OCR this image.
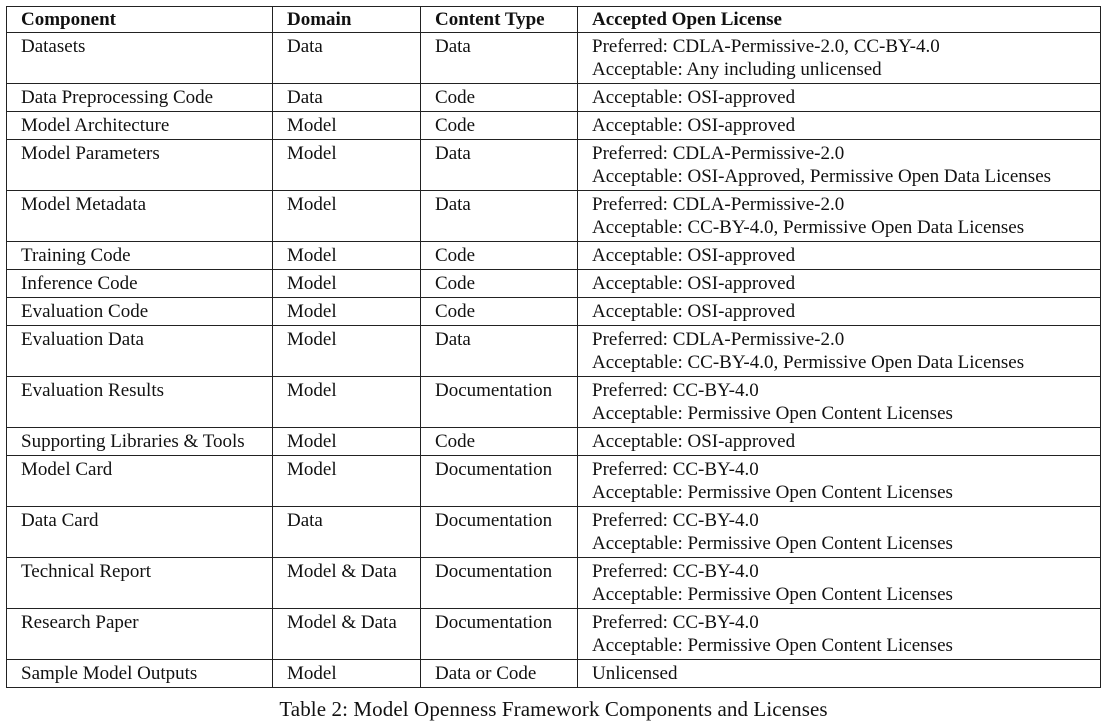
Component	Domain	Content Type	Accepted Open License
Datasets	Data	Data	Preferred: CDLA-Permissive-2.0, CC-BY-4.0
Acceptable: Any including unlicensed

Data Preprocessing Code	Data	Code	Acceptable: OSI-approved

Model Architecture	Model	Code	Acceptable: OSI-approved

Model Parameters	Model	Data	Preferred: CDLA-Permissive-2.0
Acceptable: OSI-Approved, Permissive Open Data Licenses

Model Metadata	Model	Data	Preferred: CDLA-Permissive-2.0
Acceptable: CC-BY-4.0, Permissive Open Data Licenses

Training Code	Model	Code	Acceptable: OSI-approved

Inference Code	Model	Code	Acceptable: OSI-approved

Evaluation Code	Model	Code	Acceptable: OSI-approved

Evaluation Data	Model	Data	Preferred: CDLA-Permissive-2.0
Acceptable: CC-BY-4.0, Permissive Open Data Licenses

Evaluation Results	Model	Documentation	Preferred: CC-BY-4.0
Acceptable: Permissive Open Content Licenses

Supporting Libraries & Tools	Model	Code	Acceptable: OSI-approved

Model Card	Model	Documentation	Preferred: CC-BY-4.0
Acceptable: Permissive Open Content Licenses

Data Card	Data	Documentation	Preferred: CC-BY-4.0
Acceptable: Permissive Open Content Licenses

Technical Report	Model & Data	Documentation	Preferred: CC-BY-4.0
Acceptable: Permissive Open Content Licenses

Research Paper	Model & Data	Documentation	Preferred: CC-BY-4.0
Acceptable: Permissive Open Content Licenses

Sample Model Outputs	Model	Data or Code	Unlicensed
Table 2: Model Openness Framework Components and Licenses
